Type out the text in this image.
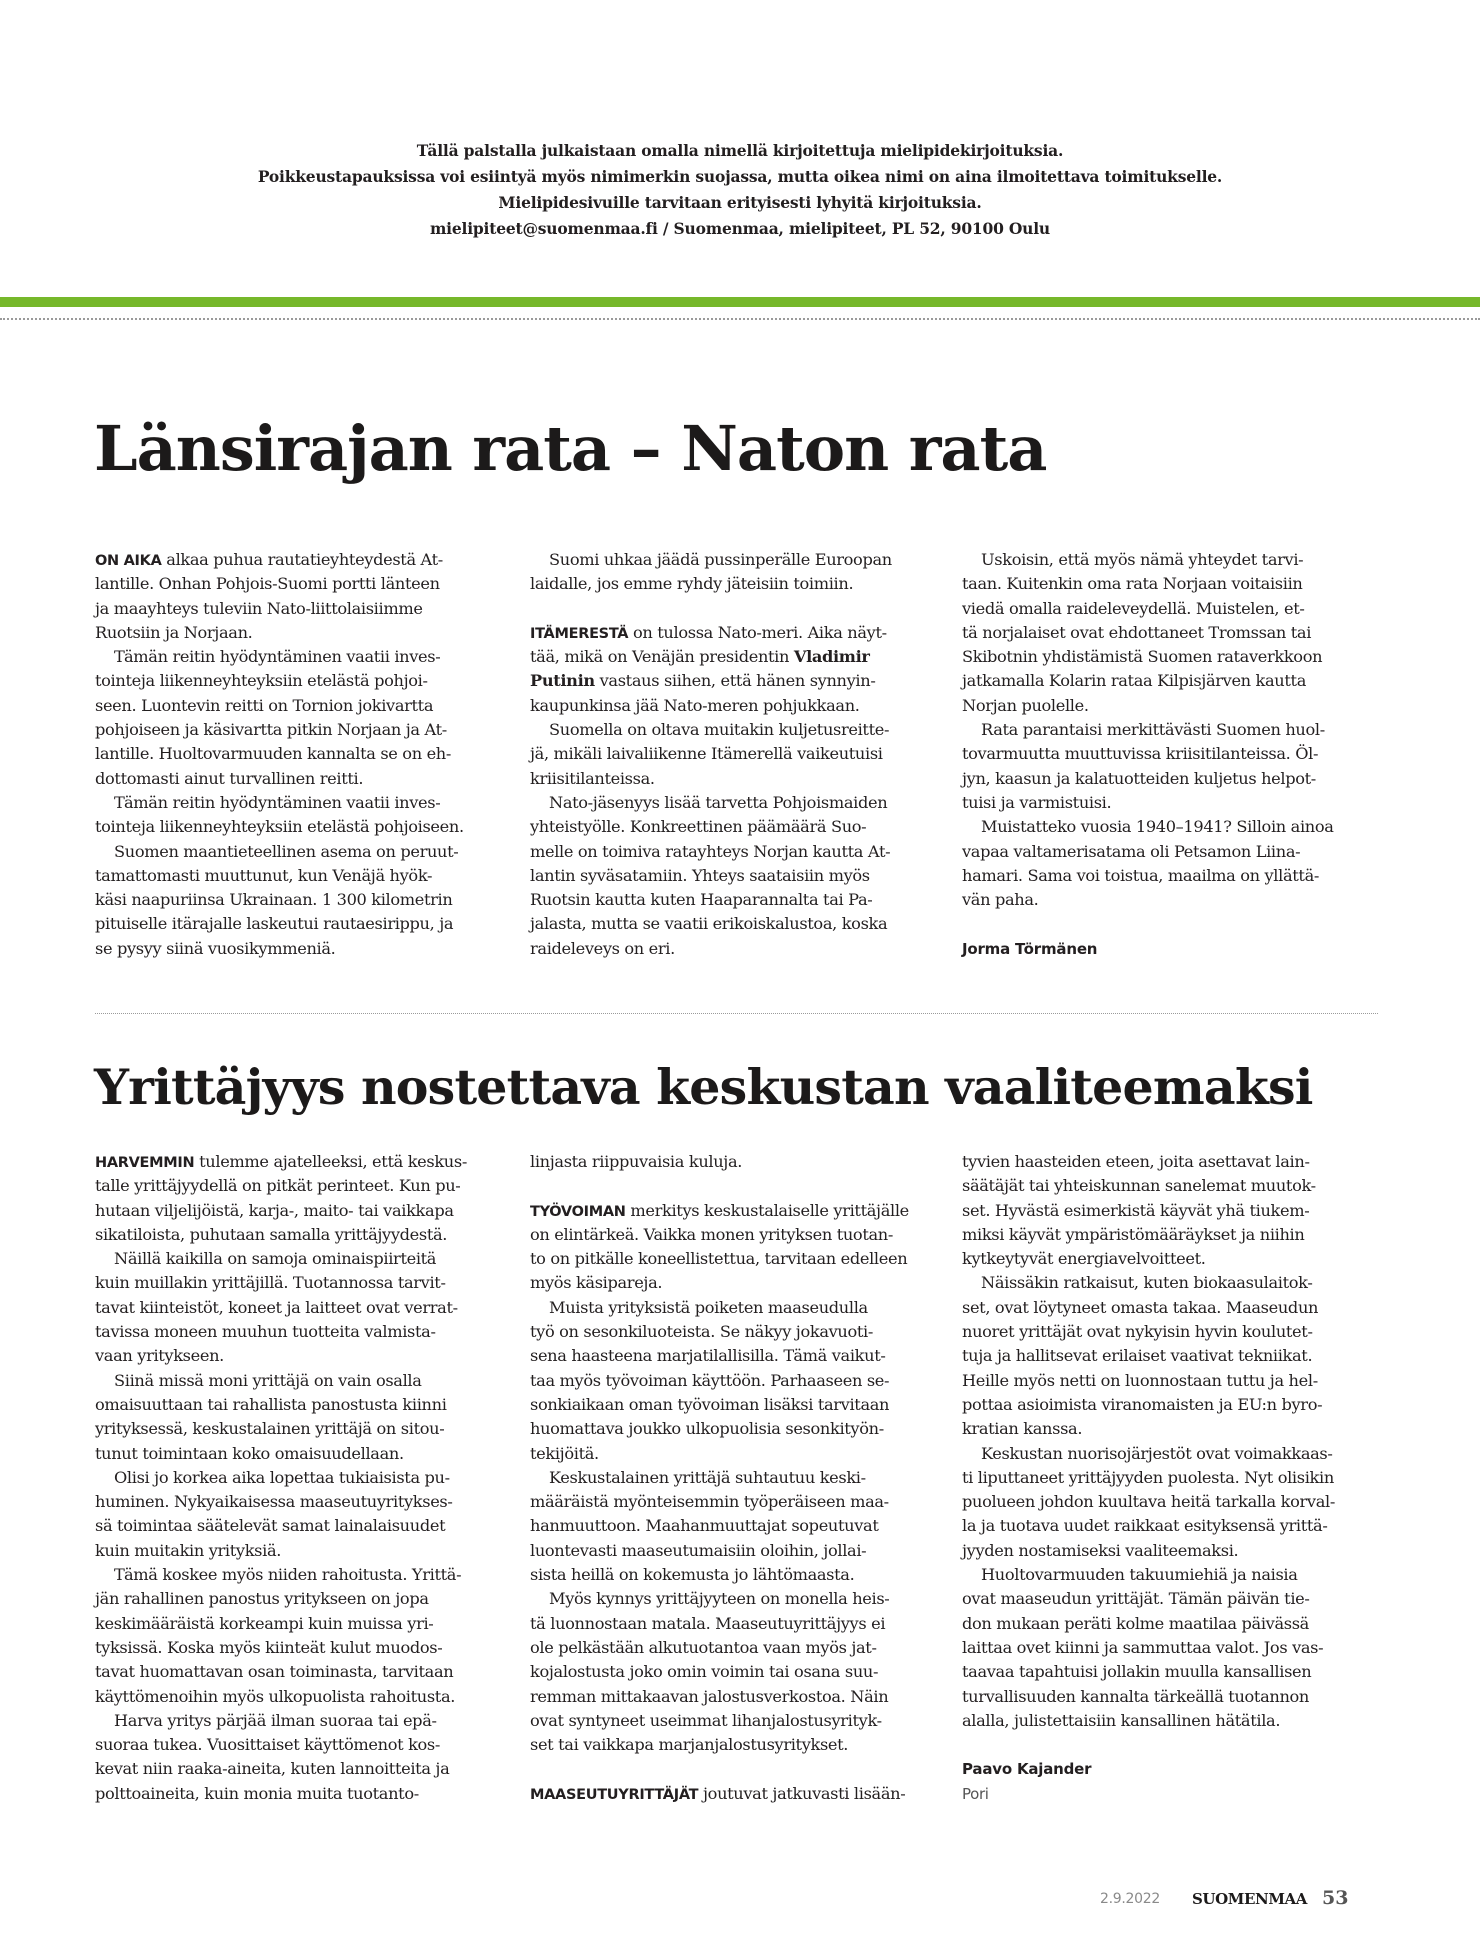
Tällä palstalla julkaistaan omalla nimellä kirjoitettuja mielipidekirjoituksia.
Poikkeustapauksissa voi esiintyä myös nimimerkin suojassa, mutta oikea nimi on aina ilmoitettava toimitukselle.
Mielipidesivuille tarvitaan erityisesti lyhyitä kirjoituksia.
mielipiteet@suomenmaa.fi / Suomenmaa, mielipiteet, PL 52, 90100 Oulu
Länsirajan rata – Naton rata
ON AIKA alkaa puhua rautatieyhteydestä At-
lantille. Onhan Pohjois-Suomi portti länteen
ja maayhteys tuleviin Nato-liittolaisiimme
Ruotsiin ja Norjaan.
Tämän reitin hyödyntäminen vaatii inves-
tointeja liikenneyhteyksiin etelästä pohjoi-
seen. Luontevin reitti on Tornion jokivartta
pohjoiseen ja käsivartta pitkin Norjaan ja At-
lantille. Huoltovarmuuden kannalta se on eh-
dottomasti ainut turvallinen reitti.
Tämän reitin hyödyntäminen vaatii inves-
tointeja liikenneyhteyksiin etelästä pohjoiseen.
Suomen maantieteellinen asema on peruut-
tamattomasti muuttunut, kun Venäjä hyök-
käsi naapuriinsa Ukrainaan. 1 300 kilometrin
pituiselle itärajalle laskeutui rautaesirippu, ja
se pysyy siinä vuosikymmeniä.
Suomi uhkaa jäädä pussinperälle Euroopan
laidalle, jos emme ryhdy jäteisiin toimiin.
ITÄMERESTÄ on tulossa Nato-meri. Aika näyt-
tää, mikä on Venäjän presidentin Vladimir
Putinin vastaus siihen, että hänen synnyin-
kaupunkinsa jää Nato-meren pohjukkaan.
Suomella on oltava muitakin kuljetusreitte-
jä, mikäli laivaliikenne Itämerellä vaikeutuisi
kriisitilanteissa.
Nato-jäsenyys lisää tarvetta Pohjoismaiden
yhteistyölle. Konkreettinen päämäärä Suo-
melle on toimiva ratayhteys Norjan kautta At-
lantin syväsatamiin. Yhteys saataisiin myös
Ruotsin kautta kuten Haaparannalta tai Pa-
jalasta, mutta se vaatii erikoiskalustoa, koska
raideleveys on eri.
Uskoisin, että myös nämä yhteydet tarvi-
taan. Kuitenkin oma rata Norjaan voitaisiin
viedä omalla raideleveydellä. Muistelen, et-
tä norjalaiset ovat ehdottaneet Tromssan tai
Skibotnin yhdistämistä Suomen rataverkkoon
jatkamalla Kolarin rataa Kilpisjärven kautta
Norjan puolelle.
Rata parantaisi merkittävästi Suomen huol-
tovarmuutta muuttuvissa kriisitilanteissa. Öl-
jyn, kaasun ja kalatuotteiden kuljetus helpot-
tuisi ja varmistuisi.
Muistatteko vuosia 1940–1941? Silloin ainoa
vapaa valtamerisatama oli Petsamon Liina-
hamari. Sama voi toistua, maailma on yllättä-
vän paha.
Jorma Törmänen
Yrittäjyys nostettava keskustan vaaliteemaksi
HARVEMMIN tulemme ajatelleeksi, että keskus-
talle yrittäjyydellä on pitkät perinteet. Kun pu-
hutaan viljelijöistä, karja-, maito- tai vaikkapa
sikatiloista, puhutaan samalla yrittäjyydestä.
Näillä kaikilla on samoja ominaispiirteitä
kuin muillakin yrittäjillä. Tuotannossa tarvit-
tavat kiinteistöt, koneet ja laitteet ovat verrat-
tavissa moneen muuhun tuotteita valmista-
vaan yritykseen.
Siinä missä moni yrittäjä on vain osalla
omaisuuttaan tai rahallista panostusta kiinni
yrityksessä, keskustalainen yrittäjä on sitou-
tunut toimintaan koko omaisuudellaan.
Olisi jo korkea aika lopettaa tukiaisista pu-
huminen. Nykyaikaisessa maaseutuyritykses-
sä toimintaa säätelevät samat lainalaisuudet
kuin muitakin yrityksiä.
Tämä koskee myös niiden rahoitusta. Yrittä-
jän rahallinen panostus yritykseen on jopa
keskimääräistä korkeampi kuin muissa yri-
tyksissä. Koska myös kiinteät kulut muodos-
tavat huomattavan osan toiminasta, tarvitaan
käyttömenoihin myös ulkopuolista rahoitusta.
Harva yritys pärjää ilman suoraa tai epä-
suoraa tukea. Vuosittaiset käyttömenot kos-
kevat niin raaka-aineita, kuten lannoitteita ja
polttoaineita, kuin monia muita tuotanto-
linjasta riippuvaisia kuluja.
TYÖVOIMAN merkitys keskustalaiselle yrittäjälle
on elintärkeä. Vaikka monen yrityksen tuotan-
to on pitkälle koneellistettua, tarvitaan edelleen
myös käsipareja.
Muista yrityksistä poiketen maaseudulla
työ on sesonkiluoteista. Se näkyy jokavuoti-
sena haasteena marjatilallisilla. Tämä vaikut-
taa myös työvoiman käyttöön. Parhaaseen se-
sonkiaikaan oman työvoiman lisäksi tarvitaan
huomattava joukko ulkopuolisia sesonkityön-
tekijöitä.
Keskustalainen yrittäjä suhtautuu keski-
määräistä myönteisemmin työperäiseen maa-
hanmuuttoon. Maahanmuuttajat sopeutuvat
luontevasti maaseutumaisiin oloihin, jollai-
sista heillä on kokemusta jo lähtömaasta.
Myös kynnys yrittäjyyteen on monella heis-
tä luonnostaan matala. Maaseutuyrittäjyys ei
ole pelkästään alkutuotantoa vaan myös jat-
kojalostusta joko omin voimin tai osana suu-
remman mittakaavan jalostusverkostoa. Näin
ovat syntyneet useimmat lihanjalostusyrityk-
set tai vaikkapa marjanjalostusyritykset.
MAASEUTUYRITTÄJÄT joutuvat jatkuvasti lisään-
tyvien haasteiden eteen, joita asettavat lain-
säätäjät tai yhteiskunnan sanelemat muutok-
set. Hyvästä esimerkistä käyvät yhä tiukem-
miksi käyvät ympäristömääräykset ja niihin
kytkeytyvät energiavelvoitteet.
Näissäkin ratkaisut, kuten biokaasulaitok-
set, ovat löytyneet omasta takaa. Maaseudun
nuoret yrittäjät ovat nykyisin hyvin koulutet-
tuja ja hallitsevat erilaiset vaativat tekniikat.
Heille myös netti on luonnostaan tuttu ja hel-
pottaa asioimista viranomaisten ja EU:n byro-
kratian kanssa.
Keskustan nuorisojärjestöt ovat voimakkaas-
ti liputtaneet yrittäjyyden puolesta. Nyt olisikin
puolueen johdon kuultava heitä tarkalla korval-
la ja tuotava uudet raikkaat esityksensä yrittä-
jyyden nostamiseksi vaaliteemaksi.
Huoltovarmuuden takuumiehiä ja naisia
ovat maaseudun yrittäjät. Tämän päivän tie-
don mukaan peräti kolme maatilaa päivässä
laittaa ovet kiinni ja sammuttaa valot. Jos vas-
taavaa tapahtuisi jollakin muulla kansallisen
turvallisuuden kannalta tärkeällä tuotannon
alalla, julistettaisiin kansallinen hätätila.
Paavo Kajander
Pori
2.9.2022 SUOMENMAA 53
